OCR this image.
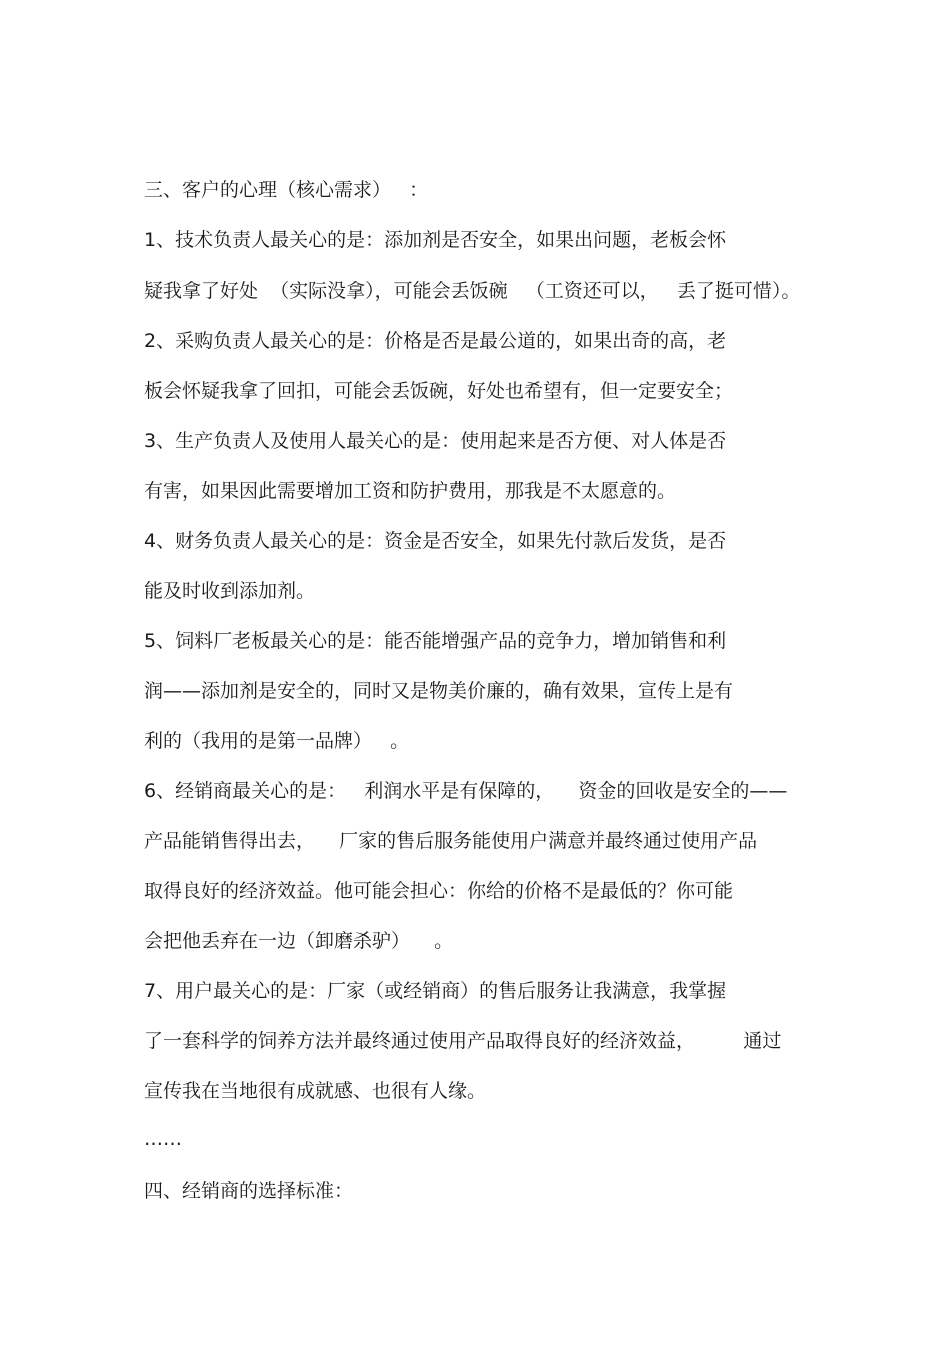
三、客户的心理（核心需求）   ：

1、技术负责人最关心的是：添加剂是否安全，如果出问题，老板会怀

疑我拿了好处  （实际没拿），可能会丢饭碗   （工资还可以，   丢了挺可惜）。

2、采购负责人最关心的是：价格是否是最公道的，如果出奇的高，老

板会怀疑我拿了回扣，可能会丢饭碗，好处也希望有，但一定要安全；

3、生产负责人及使用人最关心的是：使用起来是否方便、对人体是否

有害，如果因此需要增加工资和防护费用，那我是不太愿意的。

4、财务负责人最关心的是：资金是否安全，如果先付款后发货，是否

能及时收到添加剂。

5、饲料厂老板最关心的是：能否能增强产品的竞争力，增加销售和利

润——添加剂是安全的，同时又是物美价廉的，确有效果，宣传上是有

利的（我用的是第一品牌）   。

6、经销商最关心的是：   利润水平是有保障的，    资金的回收是安全的——

产品能销售得出去，    厂家的售后服务能使用户满意并最终通过使用产品

取得良好的经济效益。他可能会担心：你给的价格不是最低的？你可能

会把他丢弃在一边（卸磨杀驴）    。

7、用户最关心的是：厂家（或经销商）的售后服务让我满意，我掌握

了一套科学的饲养方法并最终通过使用产品取得良好的经济效益，        通过

宣传我在当地很有成就感、也很有人缘。

……

四、经销商的选择标准：
